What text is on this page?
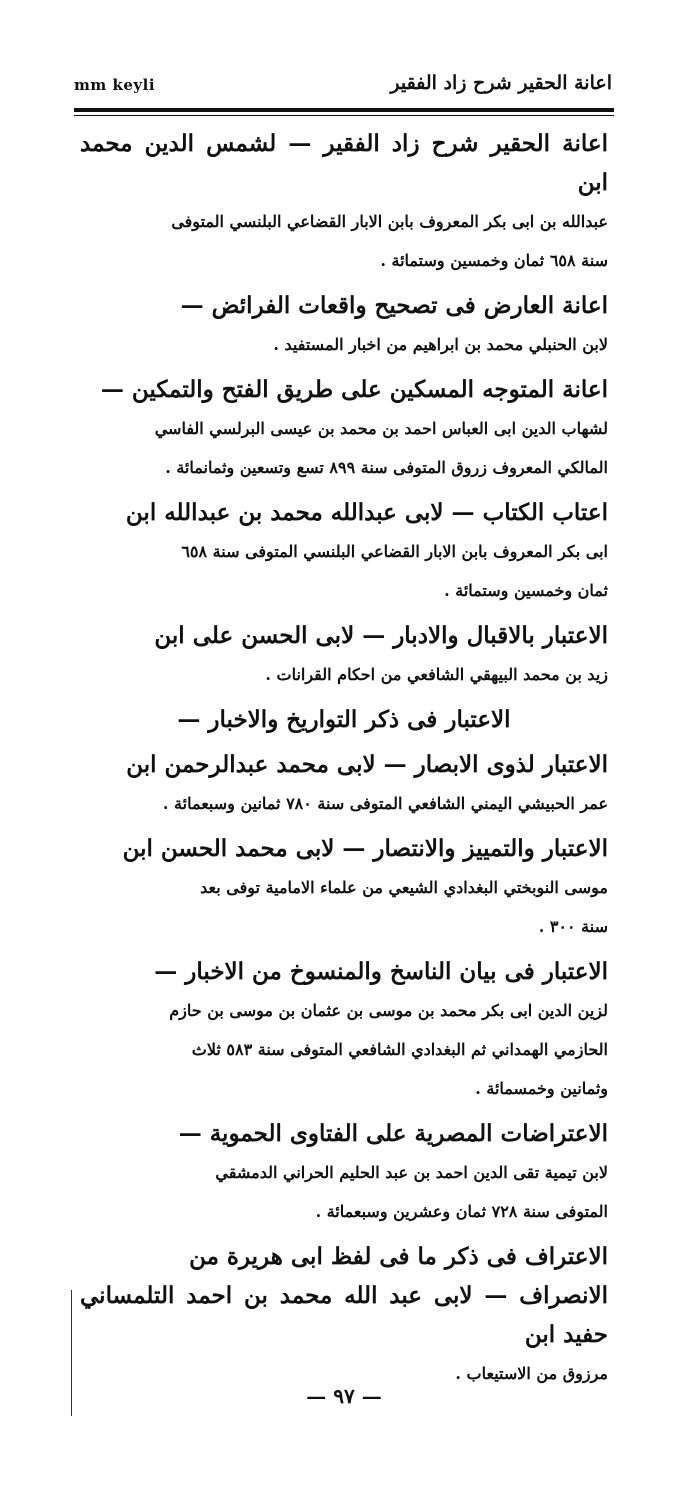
mm keyli	اعانة الحقير شرح زاد الفقير

اعانة الحقير شرح زاد الفقير — لشمس الدين محمد ابن

عبدالله بن ابى بكر المعروف بابن الابار القضاعي البلنسي المتوفى

سنة ٦٥٨ ثمان وخمسين وستمائة .

اعانة العارض فى تصحيح واقعات الفرائض —

لابن الحنبلي محمد بن ابراهيم من اخبار المستفيد .

اعانة المتوجه المسكين على طريق الفتح والتمكين —

لشهاب الدين ابى العباس احمد بن محمد بن عيسى البرلسي الفاسي

المالكي المعروف زروق المتوفى سنة ٨٩٩ تسع وتسعين وثمانمائة .

اعتاب الكتاب — لابى عبدالله محمد بن عبدالله ابن

ابى بكر المعروف بابن الابار القضاعي البلنسي المتوفى سنة ٦٥٨

ثمان وخمسين وستمائة .

الاعتبار بالاقبال والادبار — لابى الحسن على ابن

زيد بن محمد البيهقي الشافعي من احكام القرانات .

الاعتبار فى ذكر التواريخ والاخبار —

الاعتبار لذوى الابصار — لابى محمد عبدالرحمن ابن

عمر الحبيشي اليمني الشافعي المتوفى سنة ٧٨٠ ثمانين وسبعمائة .

الاعتبار والتمييز والانتصار — لابى محمد الحسن ابن

موسى النوبختي البغدادي الشيعي من علماء الامامية توفى بعد

سنة ٣٠٠ .

الاعتبار فى بيان الناسخ والمنسوخ من الاخبار —

لزين الدين ابى بكر محمد بن موسى بن عثمان بن موسى بن حازم

الحازمي الهمداني ثم البغدادي الشافعي المتوفى سنة ٥٨٣ ثلاث

وثمانين وخمسمائة .

الاعتراضات المصرية على الفتاوى الحموية —

لابن تيمية تقى الدين احمد بن عبد الحليم الحراني الدمشقي

المتوفى سنة ٧٢٨ ثمان وعشرين وسبعمائة .

الاعتراف فى ذكر ما فى لفظ ابى هريرة من

الانصراف — لابى عبد الله محمد بن احمد التلمساني حفيد ابن

مرزوق من الاستيعاب .

— ٩٧ —
